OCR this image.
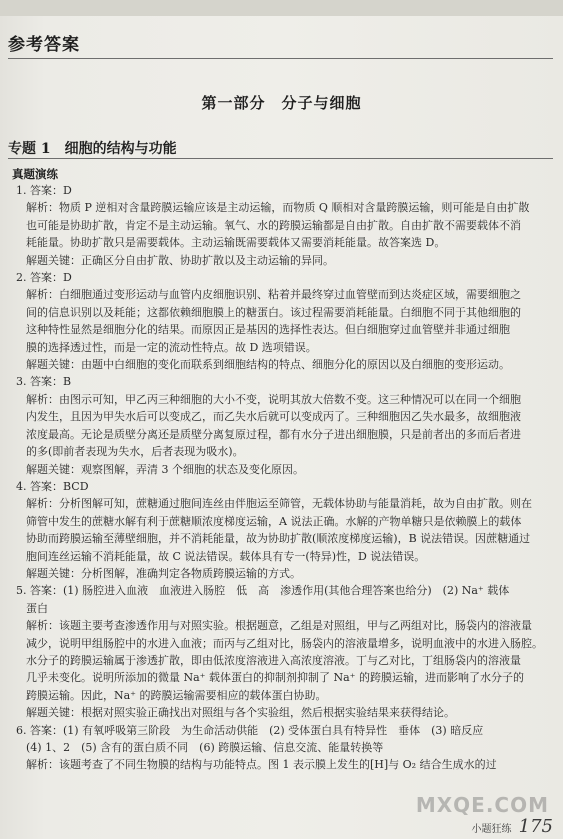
参考答案
第一部分　分子与细胞
专题 1　细胞的结构与功能
真题演练
1. 答案：D
解析：物质 P 逆相对含量跨膜运输应该是主动运输，而物质 Q 顺相对含量跨膜运输，则可能是自由扩散
也可能是协助扩散，肯定不是主动运输。氧气、水的跨膜运输都是自由扩散。自由扩散不需要载体不消
耗能量。协助扩散只是需要载体。主动运输既需要载体又需要消耗能量。故答案选 D。
解题关键：正确区分自由扩散、协助扩散以及主动运输的异同。
2. 答案：D
解析：白细胞通过变形运动与血管内皮细胞识别、粘着并最终穿过血管壁而到达炎症区域，需要细胞之
间的信息识别以及耗能；这都依赖细胞膜上的糖蛋白。该过程需要消耗能量。白细胞不同于其他细胞的
这种特性显然是细胞分化的结果。而原因正是基因的选择性表达。但白细胞穿过血管壁并非通过细胞
膜的选择透过性，而是一定的流动性特点。故 D 选项错误。
解题关键：由题中白细胞的变化而联系到细胞结构的特点、细胞分化的原因以及白细胞的变形运动。
3. 答案：B
解析：由图示可知，甲乙丙三种细胞的大小不变，说明其放大倍数不变。这三种情况可以在同一个细胞
内发生，且因为甲失水后可以变成乙，而乙失水后就可以变成丙了。三种细胞因乙失水最多，故细胞液
浓度最高。无论是质壁分离还是质壁分离复原过程，都有水分子进出细胞膜，只是前者出的多而后者进
的多(即前者表现为失水，后者表现为吸水)。
解题关键：观察图解，弄清 3 个细胞的状态及变化原因。
4. 答案：BCD
解析：分析图解可知，蔗糖通过胞间连丝由伴胞运至筛管，无载体协助与能量消耗，故为自由扩散。则在
筛管中发生的蔗糖水解有利于蔗糖顺浓度梯度运输，A 说法正确。水解的产物单糖只是依赖膜上的载体
协助而跨膜运输至薄壁细胞，并不消耗能量，故为协助扩散(顺浓度梯度运输)，B 说法错误。因蔗糖通过
胞间连丝运输不消耗能量，故 C 说法错误。载体具有专一(特异)性，D 说法错误。
解题关键：分析图解，准确判定各物质跨膜运输的方式。
5. 答案：(1) 肠腔进入血液　血液进入肠腔　低　高　渗透作用(其他合理答案也给分)　(2) Na⁺ 载体
蛋白
解析：该题主要考查渗透作用与对照实验。根据题意，乙组是对照组，甲与乙两组对比，肠袋内的溶液量
减少，说明甲组肠腔中的水进入血液；而丙与乙组对比，肠袋内的溶液量增多，说明血液中的水进入肠腔。
水分子的跨膜运输属于渗透扩散，即由低浓度溶液进入高浓度溶液。丁与乙对比，丁组肠袋内的溶液量
几乎未变化。说明所添加的微量 Na⁺ 载体蛋白的抑制剂抑制了 Na⁺ 的跨膜运输，进而影响了水分子的
跨膜运输。因此，Na⁺ 的跨膜运输需要相应的载体蛋白协助。
解题关键：根据对照实验正确找出对照组与各个实验组，然后根据实验结果来获得结论。
6. 答案：(1) 有氧呼吸第三阶段　为生命活动供能　(2) 受体蛋白具有特异性　垂体　(3) 暗反应
(4) 1、2　(5) 含有的蛋白质不同　(6) 跨膜运输、信息交流、能量转换等
解析：该题考查了不同生物膜的结构与功能特点。图 1 表示膜上发生的[H]与 O₂ 结合生成水的过
MXQE.COM
小题狂练 175
